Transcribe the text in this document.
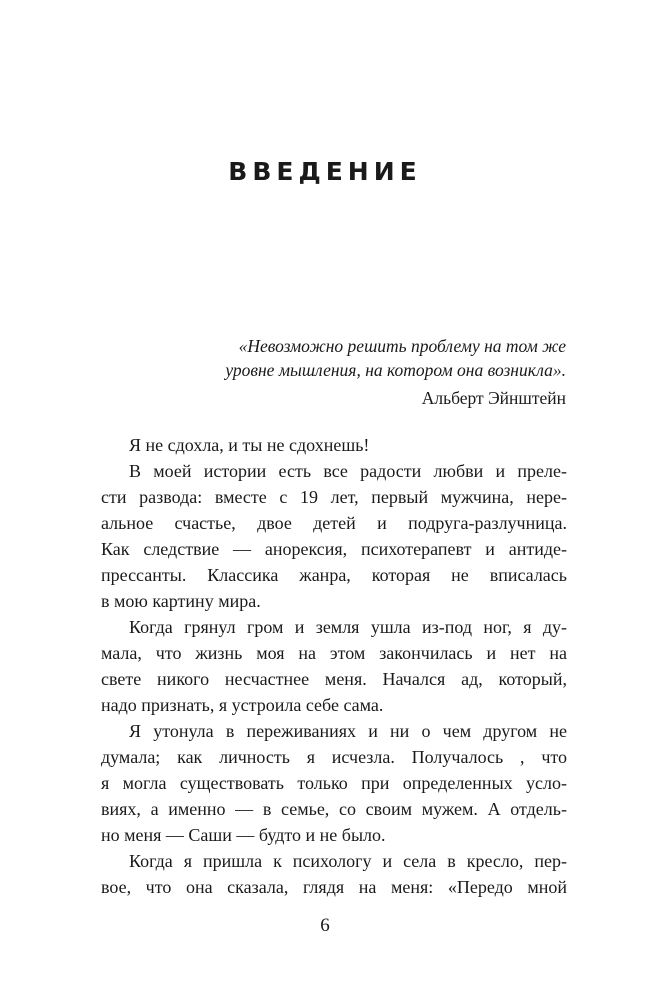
ВВЕДЕНИЕ
«Невозможно решить проблему на том же
уровне мышления, на котором она возникла».
Альберт Эйнштейн
Я не сдохла, и ты не сдохнешь!
В моей истории есть все радости любви и преле-
сти развода: вместе с 19 лет, первый мужчина, нере-
альное счастье, двое детей и подруга-разлучница.
Как следствие — анорексия, психотерапевт и антиде-
прессанты. Классика жанра, которая не вписалась
в мою картину мира.
Когда грянул гром и земля ушла из-под ног, я ду-
мала, что жизнь моя на этом закончилась и нет на
свете никого несчастнее меня. Начался ад, который,
надо признать, я устроила себе сама.
Я утонула в переживаниях и ни о чем другом не
думала; как личность я исчезла. Получалось , что
я могла существовать только при определенных усло-
виях, а именно — в семье, со своим мужем. А отдель-
но меня — Саши — будто и не было.
Когда я пришла к психологу и села в кресло, пер-
вое, что она сказала, глядя на меня: «Передо мной
6
